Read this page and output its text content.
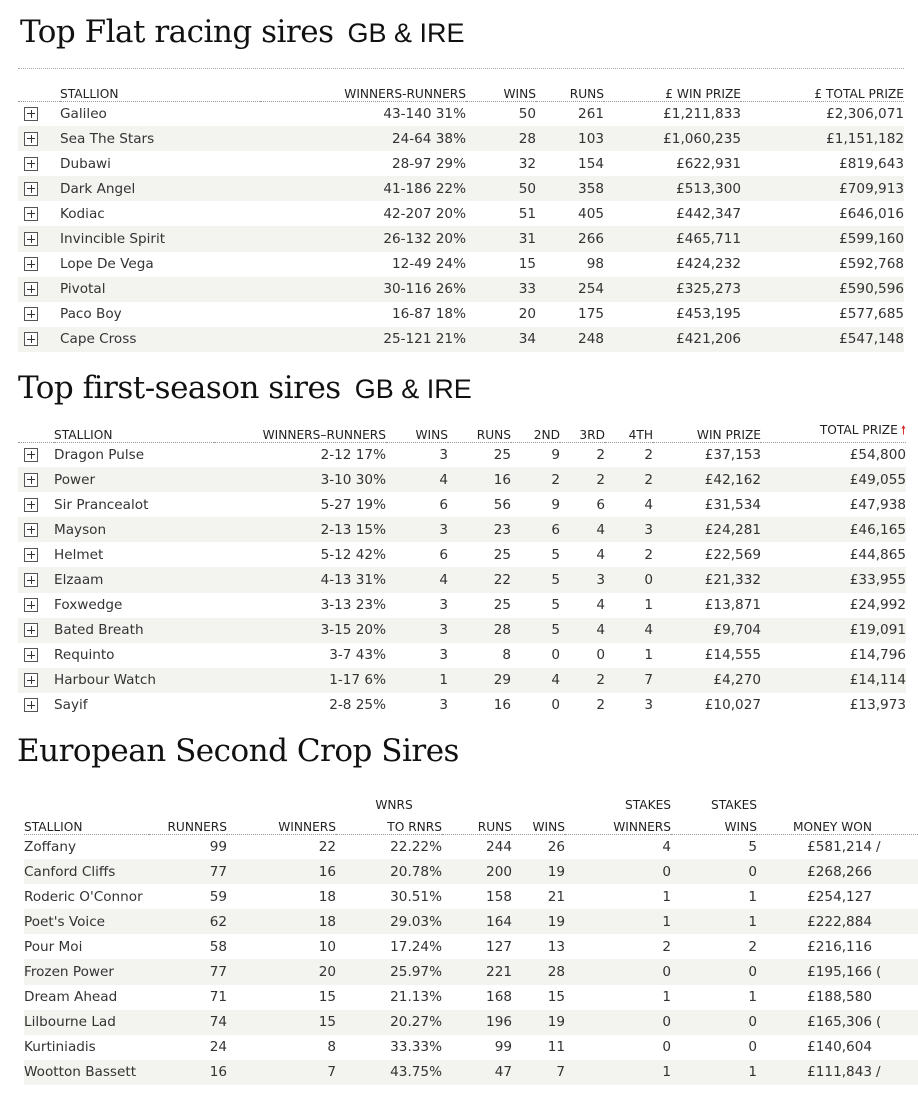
Top Flat racing sires GB & IRE
	STALLION	WINNERS-RUNNERS	WINS	RUNS	£ WIN PRIZE	£ TOTAL PRIZE
	Galileo	43-140 31%	50	261	£1,211,833	£2,306,071
	Sea The Stars	24-64 38%	28	103	£1,060,235	£1,151,182
	Dubawi	28-97 29%	32	154	£622,931	£819,643
	Dark Angel	41-186 22%	50	358	£513,300	£709,913
	Kodiac	42-207 20%	51	405	£442,347	£646,016
	Invincible Spirit	26-132 20%	31	266	£465,711	£599,160
	Lope De Vega	12-49 24%	15	98	£424,232	£592,768
	Pivotal	30-116 26%	33	254	£325,273	£590,596
	Paco Boy	16-87 18%	20	175	£453,195	£577,685
	Cape Cross	25-121 21%	34	248	£421,206	£547,148
Top first-season sires GB & IRE
	STALLION	WINNERS–RUNNERS	WINS	RUNS	2ND	3RD	4TH	WIN PRIZE	TOTAL PRIZE 🠕
	Dragon Pulse	2-12 17%	3	25	9	2	2	£37,153	£54,800
	Power	3-10 30%	4	16	2	2	2	£42,162	£49,055
	Sir Prancealot	5-27 19%	6	56	9	6	4	£31,534	£47,938
	Mayson	2-13 15%	3	23	6	4	3	£24,281	£46,165
	Helmet	5-12 42%	6	25	5	4	2	£22,569	£44,865
	Elzaam	4-13 31%	4	22	5	3	0	£21,332	£33,955
	Foxwedge	3-13 23%	3	25	5	4	1	£13,871	£24,992
	Bated Breath	3-15 20%	3	28	5	4	4	£9,704	£19,091
	Requinto	3-7 43%	3	8	0	0	1	£14,555	£14,796
	Harbour Watch	1-17 6%	1	29	4	2	7	£4,270	£14,114
	Sayif	2-8 25%	3	16	0	2	3	£10,027	£13,973
European Second Crop Sires
			WNRS			STAKES	STAKES		
STALLION	RUNNERS	WINNERS	TO RNRS	RUNS	WINS	WINNERS	WINS	MONEY WON	
Zoffany	99	22	22.22%	244	26	4	5	£581,214	/
Canford Cliffs	77	16	20.78%	200	19	0	0	£268,266	
Roderic O'Connor	59	18	30.51%	158	21	1	1	£254,127	
Poet's Voice	62	18	29.03%	164	19	1	1	£222,884	
Pour Moi	58	10	17.24%	127	13	2	2	£216,116	
Frozen Power	77	20	25.97%	221	28	0	0	£195,166	(
Dream Ahead	71	15	21.13%	168	15	1	1	£188,580	
Lilbourne Lad	74	15	20.27%	196	19	0	0	£165,306	(
Kurtiniadis	24	8	33.33%	99	11	0	0	£140,604	
Wootton Bassett	16	7	43.75%	47	7	1	1	£111,843	/
